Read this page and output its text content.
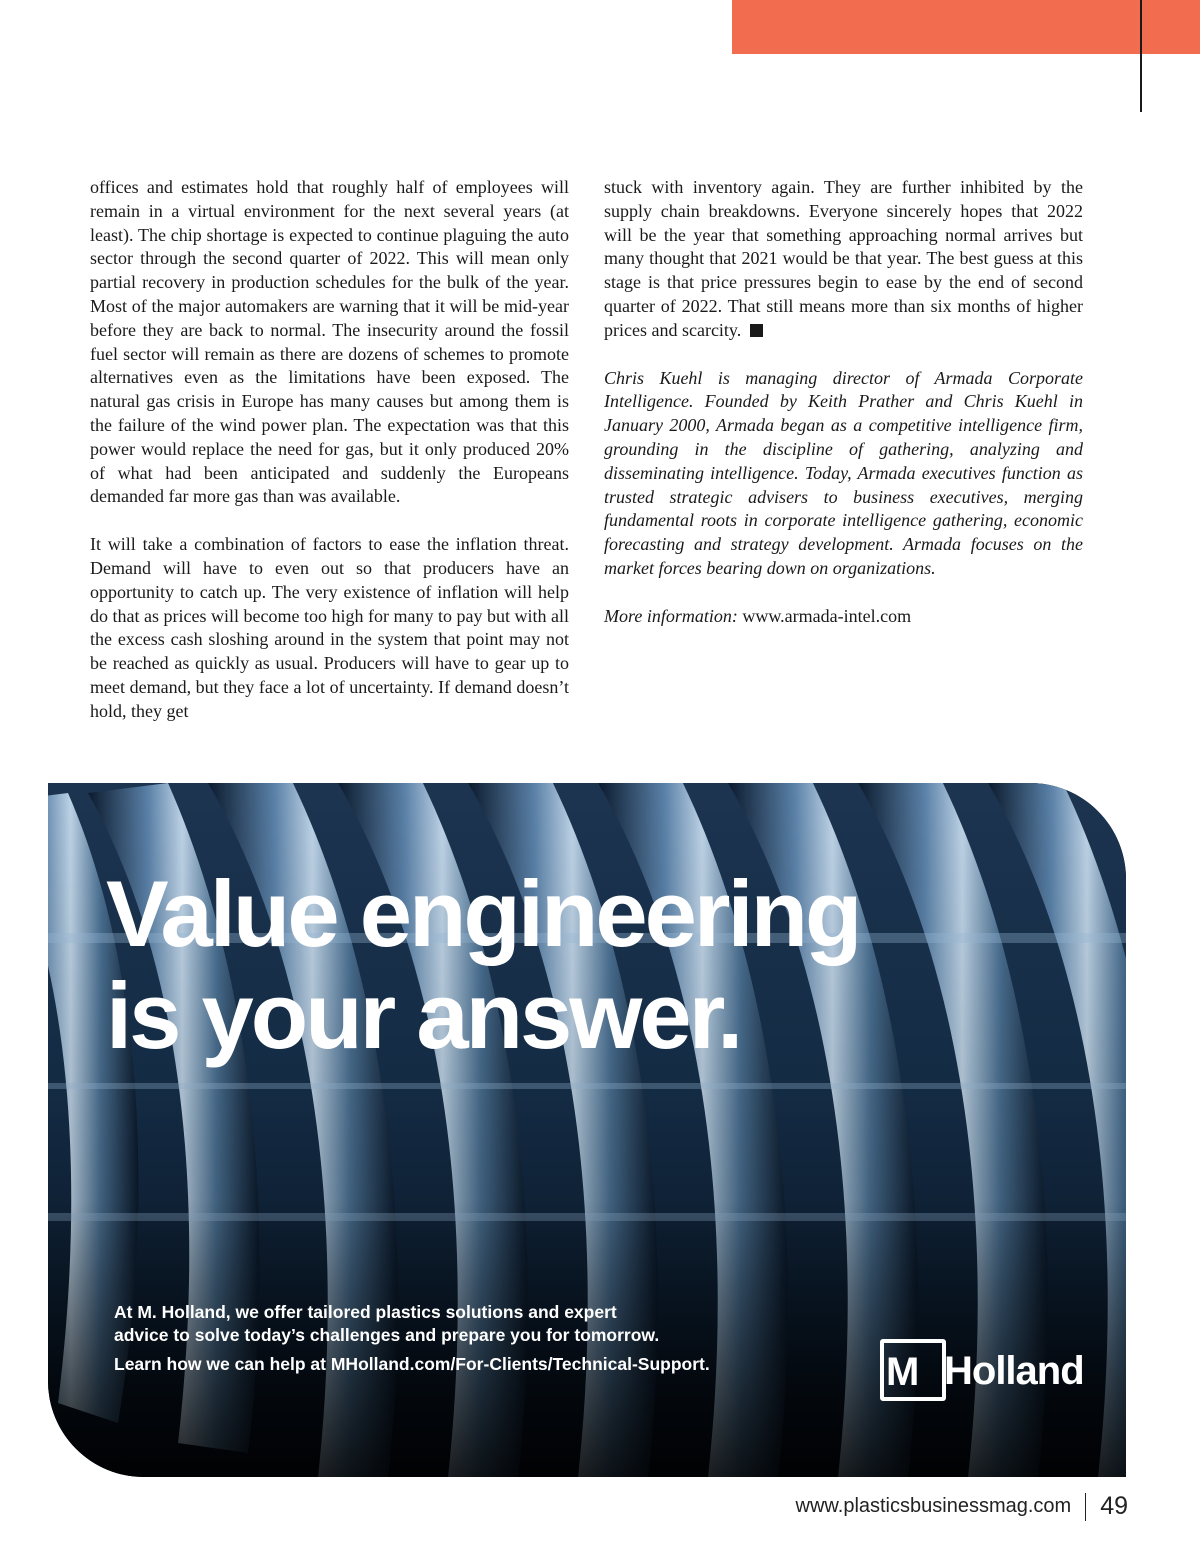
offices and estimates hold that roughly half of employees will remain in a virtual environment for the next several years (at least). The chip shortage is expected to continue plaguing the auto sector through the second quarter of 2022. This will mean only partial recovery in production schedules for the bulk of the year. Most of the major automakers are warning that it will be mid-year before they are back to normal. The insecurity around the fossil fuel sector will remain as there are dozens of schemes to promote alternatives even as the limitations have been exposed. The natural gas crisis in Europe has many causes but among them is the failure of the wind power plan. The expectation was that this power would replace the need for gas, but it only produced 20% of what had been anticipated and suddenly the Europeans demanded far more gas than was available.

It will take a combination of factors to ease the inflation threat. Demand will have to even out so that producers have an opportunity to catch up. The very existence of inflation will help do that as prices will become too high for many to pay but with all the excess cash sloshing around in the system that point may not be reached as quickly as usual. Producers will have to gear up to meet demand, but they face a lot of uncertainty. If demand doesn’t hold, they get

stuck with inventory again. They are further inhibited by the supply chain breakdowns. Everyone sincerely hopes that 2022 will be the year that something approaching normal arrives but many thought that 2021 would be that year. The best guess at this stage is that price pressures begin to ease by the end of second quarter of 2022. That still means more than six months of higher prices and scarcity.

Chris Kuehl is managing director of Armada Corporate Intelligence. Founded by Keith Prather and Chris Kuehl in January 2000, Armada began as a competitive intelligence firm, grounding in the discipline of gathering, analyzing and disseminating intelligence. Today, Armada executives function as trusted strategic advisers to business executives, merging fundamental roots in corporate intelligence gathering, economic forecasting and strategy development. Armada focuses on the market forces bearing down on organizations.

More information: www.armada-intel.com

Value engineering
is your answer.
At M. Holland, we offer tailored plastics solutions and expert
advice to solve today’s challenges and prepare you for tomorrow.
Learn how we can help at MHolland.com/For-Clients/Technical-Support.	M Holland
www.plasticsbusinessmag.com 49
